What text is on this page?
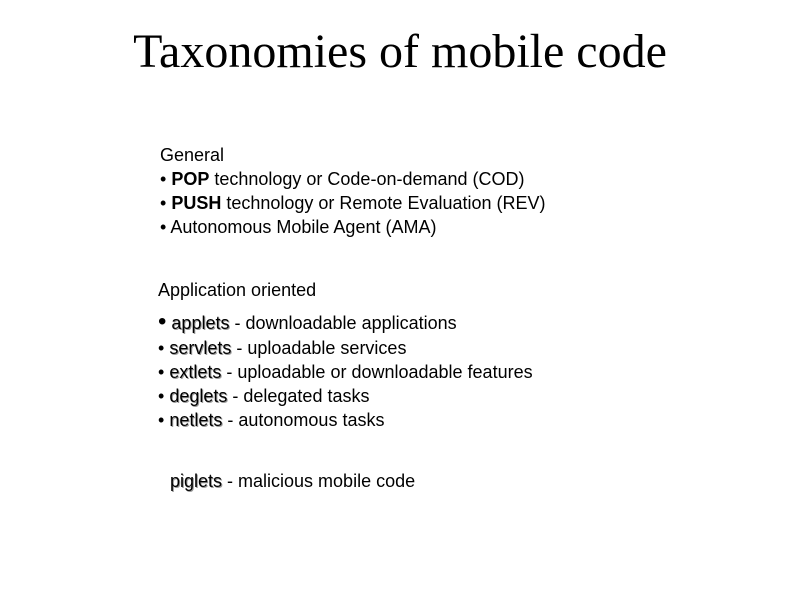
Taxonomies of mobile code
General
• POP technology or Code-on-demand (COD)
• PUSH technology or Remote Evaluation (REV)
• Autonomous Mobile Agent (AMA)
Application oriented
• applets - downloadable applications
• servlets - uploadable services
• extlets - uploadable or downloadable features
• deglets - delegated tasks
• netlets - autonomous tasks
piglets - malicious mobile code
